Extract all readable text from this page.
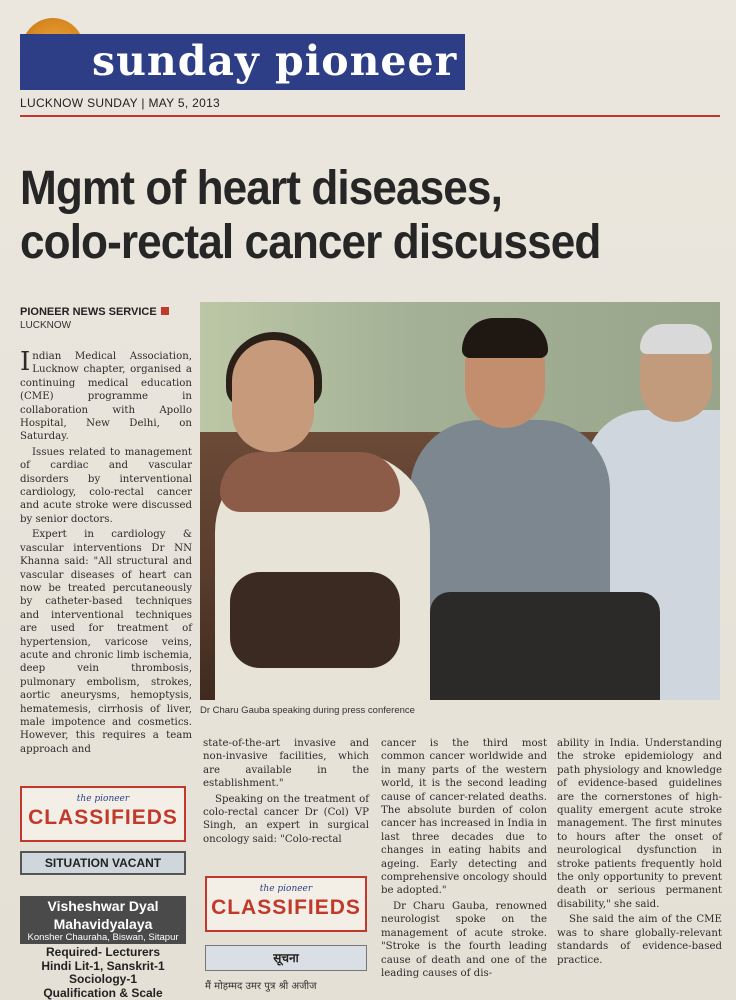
sunday pioneer
LUCKNOW SUNDAY | MAY 5, 2013
Mgmt of heart diseases,
colo-rectal cancer discussed
PIONEER NEWS SERVICE
LUCKNOW

Indian Medical Association, Lucknow chapter, organised a continuing medical education (CME) programme in collaboration with Apollo Hospital, New Delhi, on Saturday.

Issues related to management of cardiac and vascular disorders by interventional cardiology, colo-rectal cancer and acute stroke were discussed by senior doctors.

Expert in cardiology & vascular interventions Dr NN Khanna said: "All structural and vascular diseases of heart can now be treated percutaneously by catheter-based techniques and interventional techniques are used for treatment of hypertension, varicose veins, acute and chronic limb ischemia, deep vein thrombosis, pulmonary embolism, strokes, aortic aneurysms, hemoptysis, hematemesis, cirrhosis of liver, male impotence and cosmetics. However, this requires a team approach and

Dr Charu Gauba speaking during press conference

state-of-the-art invasive and non-invasive facilities, which are available in the establishment."

Speaking on the treatment of colo-rectal cancer Dr (Col) VP Singh, an expert in surgical oncology said: "Colo-rectal

cancer is the third most common cancer worldwide and in many parts of the western world, it is the second leading cause of cancer-related deaths. The absolute burden of colon cancer has increased in India in last three decades due to changes in eating habits and ageing. Early detecting and comprehensive oncology should be adopted."

Dr Charu Gauba, renowned neurologist spoke on the management of acute stroke. "Stroke is the fourth leading cause of death and one of the leading causes of dis-

ability in India. Understanding the stroke epidemiology and path physiology and knowledge of evidence-based guidelines are the cornerstones of high-quality emergent acute stroke management. The first minutes to hours after the onset of neurological dysfunction in stroke patients frequently hold the only opportunity to prevent death or serious permanent disability," she said.

She said the aim of the CME was to share globally-relevant standards of evidence-based practice.

the pioneer
CLASSIFIEDS
SITUATION VACANT
Visheshwar Dyal
Mahavidyalaya
Konsher Chauraha, Biswan, Sitapur
Required- Lecturers
Hindi Lit-1, Sanskrit-1
Sociology-1
Qualification & Scale
the pioneer
CLASSIFIEDS
सूचना
मैं मोहम्मद उमर पुत्र श्री अजीज
